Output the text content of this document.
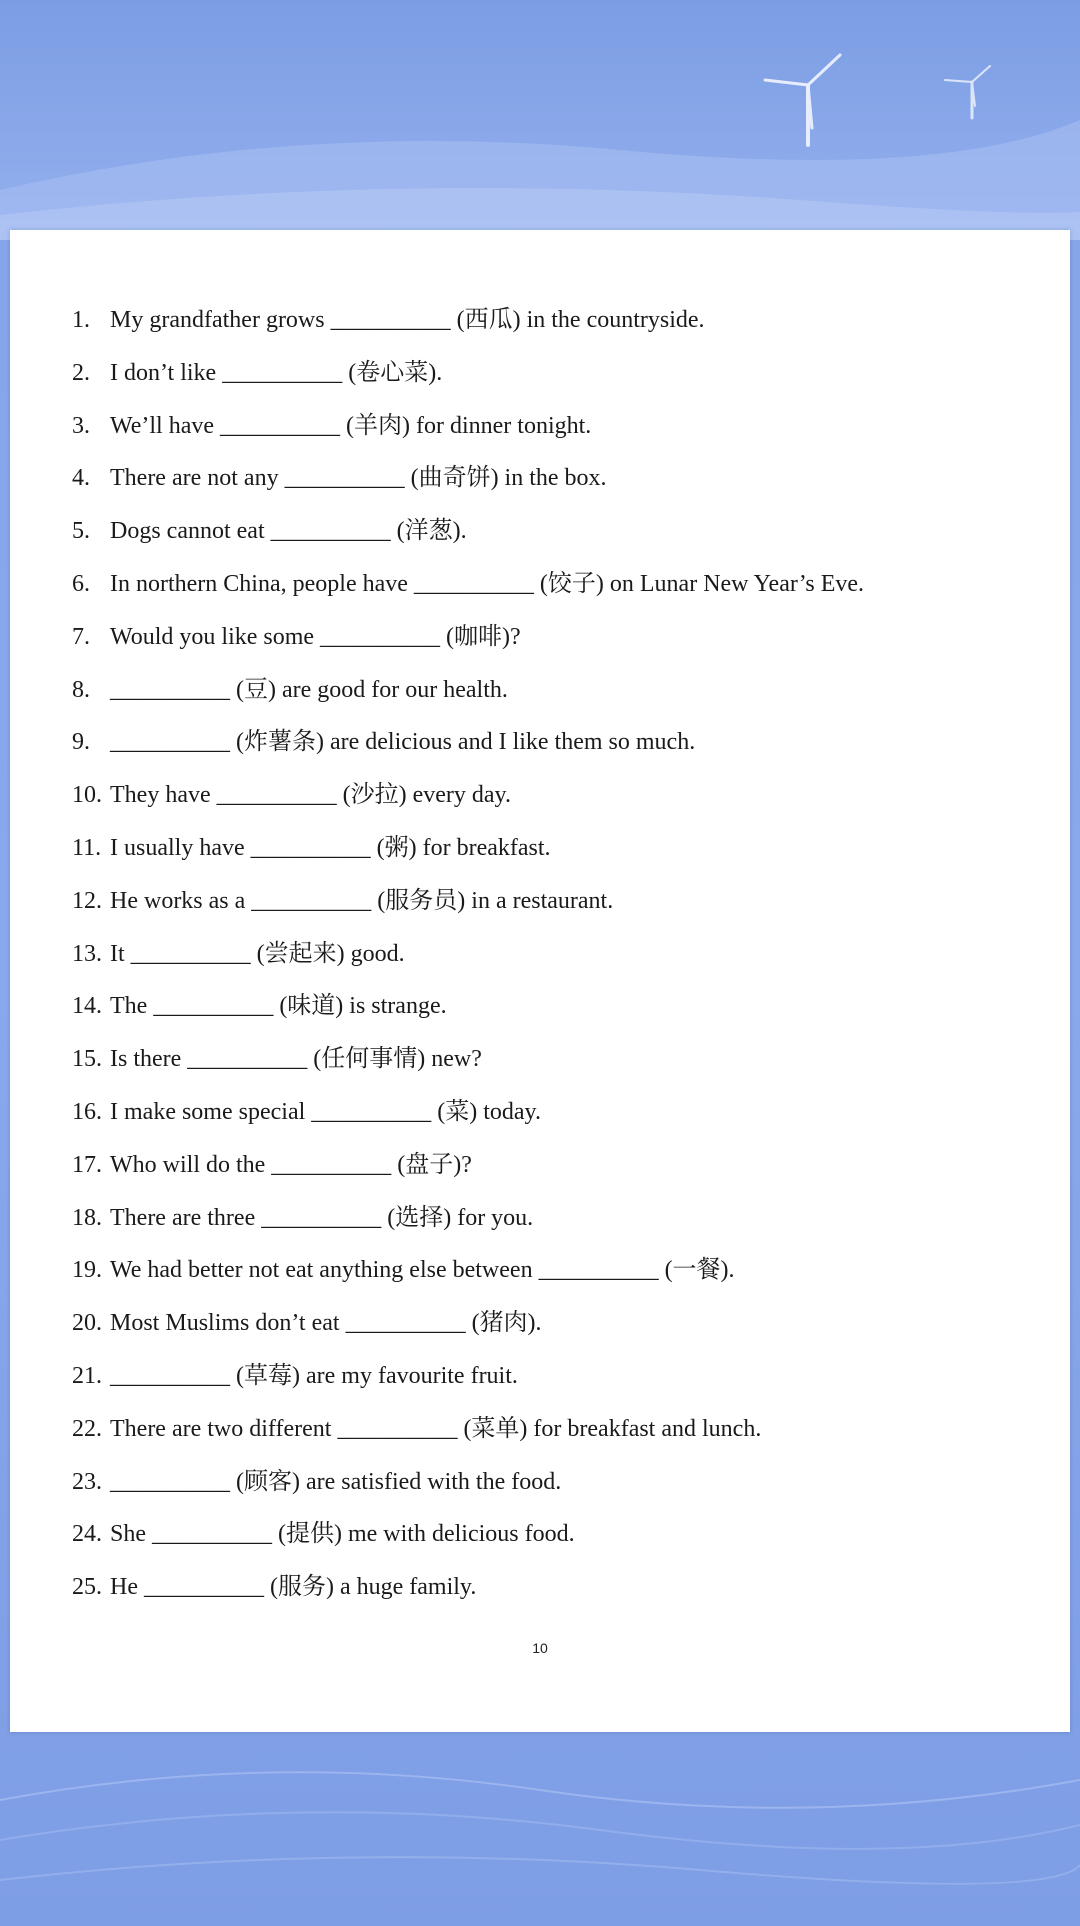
1. My grandfather grows __________ (西瓜) in the countryside.
2. I don’t like __________ (卷心菜).
3. We’ll have __________ (羊肉) for dinner tonight.
4. There are not any __________ (曲奇饼) in the box.
5. Dogs cannot eat __________ (洋葱).
6. In northern China, people have __________ (饺子) on Lunar New Year’s Eve.
7. Would you like some __________ (咖啡)?
8. __________ (豆) are good for our health.
9. __________ (炸薯条) are delicious and I like them so much.
10. They have __________ (沙拉) every day.
11. I usually have __________ (粥) for breakfast.
12. He works as a __________ (服务员) in a restaurant.
13. It __________ (尝起来) good.
14. The __________ (味道) is strange.
15. Is there __________ (任何事情) new?
16. I make some special __________ (菜) today.
17. Who will do the __________ (盘子)?
18. There are three __________ (选择) for you.
19. We had better not eat anything else between __________ (一餐).
20. Most Muslims don’t eat __________ (猪肉).
21. __________ (草莓) are my favourite fruit.
22. There are two different __________ (菜单) for breakfast and lunch.
23. __________ (顾客) are satisfied with the food.
24. She __________ (提供) me with delicious food.
25. He __________ (服务) a huge family.
10
